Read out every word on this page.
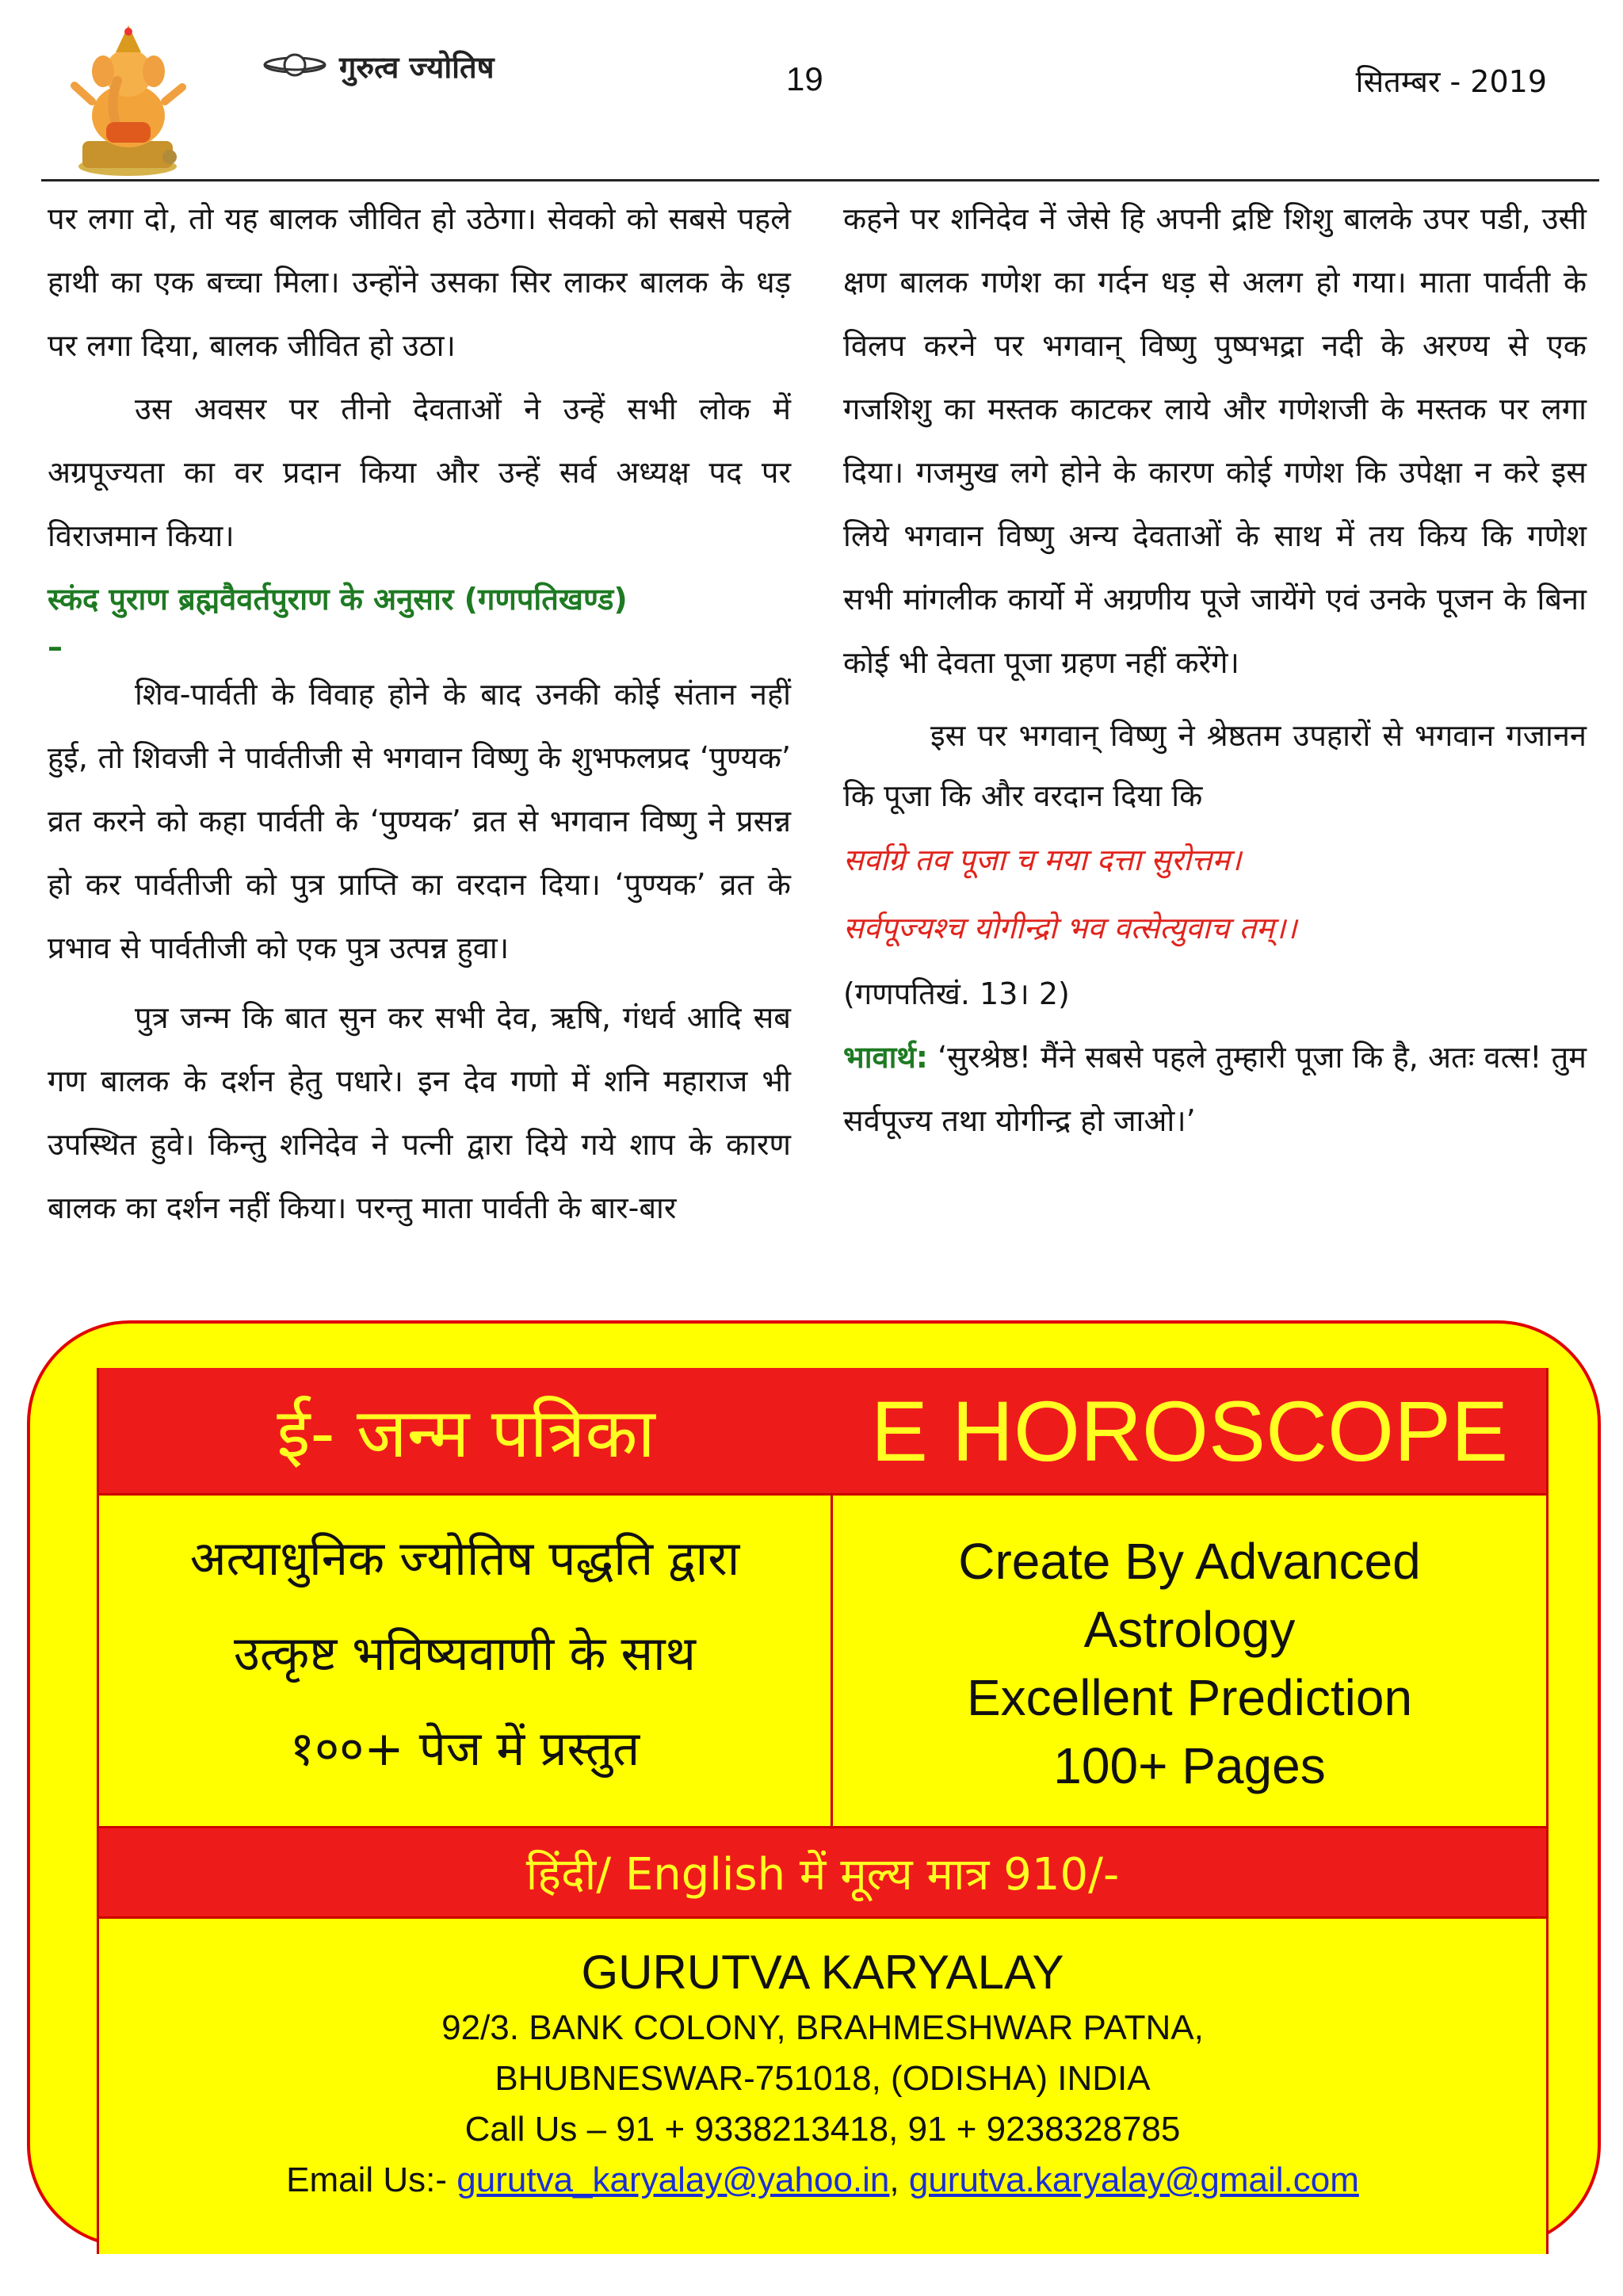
गुरुत्व ज्योतिष	19	सितम्बर - 2019

पर लगा दो, तो यह बालक जीवित हो उठेगा। सेवको को सबसे पहले हाथी का एक बच्चा मिला। उन्होंने उसका सिर लाकर बालक के धड़ पर लगा दिया, बालक जीवित हो उठा।

उस अवसर पर तीनो देवताओं ने उन्हें सभी लोक में अग्रपूज्यता का वर प्रदान किया और उन्हें सर्व अध्यक्ष पद पर विराजमान किया।

स्कंद पुराण ब्रह्मवैवर्तपुराण के अनुसार (गणपतिखण्ड)

–

शिव-पार्वती के विवाह होने के बाद उनकी कोई संतान नहीं हुई, तो शिवजी ने पार्वतीजी से भगवान विष्णु के शुभफलप्रद ‘पुण्यक’ व्रत करने को कहा पार्वती के ‘पुण्यक’ व्रत से भगवान विष्णु ने प्रसन्न हो कर पार्वतीजी को पुत्र प्राप्ति का वरदान दिया। ‘पुण्यक’ व्रत के प्रभाव से पार्वतीजी को एक पुत्र उत्पन्न हुवा।

पुत्र जन्म कि बात सुन कर सभी देव, ऋषि, गंधर्व आदि सब गण बालक के दर्शन हेतु पधारे। इन देव गणो में शनि महाराज भी उपस्थित हुवे। किन्तु शनिदेव ने पत्नी द्वारा दिये गये शाप के कारण बालक का दर्शन नहीं किया। परन्तु माता पार्वती के बार-बार

कहने पर शनिदेव नें जेसे हि अपनी द्रष्टि शिशु बालके उपर पडी, उसी क्षण बालक गणेश का गर्दन धड़ से अलग हो गया। माता पार्वती के विलप करने पर भगवान् विष्णु पुष्पभद्रा नदी के अरण्य से एक गजशिशु का मस्तक काटकर लाये और गणेशजी के मस्तक पर लगा दिया। गजमुख लगे होने के कारण कोई गणेश कि उपेक्षा न करे इस लिये भगवान विष्णु अन्य देवताओं के साथ में तय किय कि गणेश सभी मांगलीक कार्यो में अग्रणीय पूजे जायेंगे एवं उनके पूजन के बिना कोई भी देवता पूजा ग्रहण नहीं करेंगे।

इस पर भगवान् विष्णु ने श्रेष्ठतम उपहारों से भगवान गजानन कि पूजा कि और वरदान दिया कि

सर्वाग्रे तव पूजा च मया दत्ता सुरोत्तम।

सर्वपूज्यश्च योगीन्द्रो भव वत्सेत्युवाच तम्।।

(गणपतिखं. 13। 2)

भावार्थ: ‘सुरश्रेष्ठ! मैंने सबसे पहले तुम्हारी पूजा कि है, अतः वत्स! तुम सर्वपूज्य तथा योगीन्द्र हो जाओ।’

ई- जन्म पत्रिका	E HOROSCOPE
अत्याधुनिक ज्योतिष पद्धति द्वारा
उत्कृष्ट भविष्यवाणी के साथ
१००+ पेज में प्रस्तुत
Create By Advanced
Astrology
Excellent Prediction
100+ Pages
हिंदी/ English में मूल्य मात्र 910/-
GURUTVA KARYALAY
92/3. BANK COLONY, BRAHMESHWAR PATNA,
BHUBNESWAR-751018, (ODISHA) INDIA
Call Us – 91 + 9338213418, 91 + 9238328785
Email Us:- gurutva_karyalay@yahoo.in, gurutva.karyalay@gmail.com
